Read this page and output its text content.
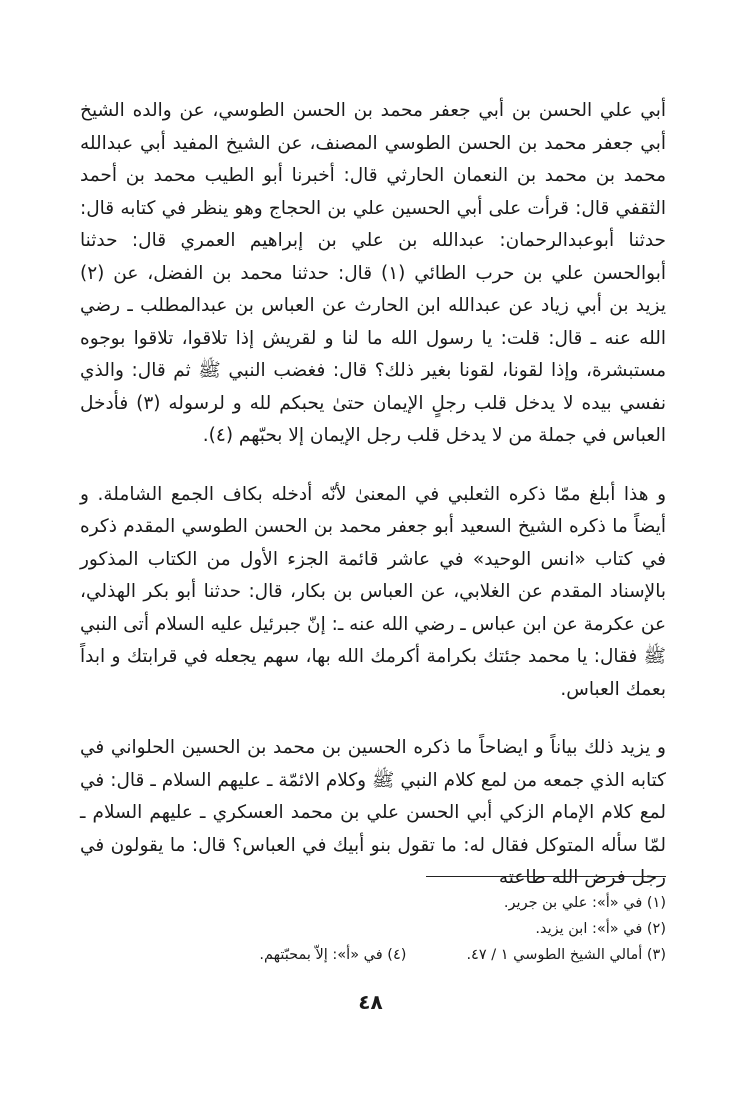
أبي علي الحسن بن أبي جعفر محمد بن الحسن الطوسي، عن والده الشيخ أبي جعفر محمد بن الحسن الطوسي المصنف، عن الشيخ المفيد أبي عبدالله محمد بن محمد بن النعمان الحارثي قال: أخبرنا أبو الطيب محمد بن أحمد الثقفي قال: قرأت على أبي الحسين علي بن الحجاج وهو ينظر في كتابه قال: حدثنا أبوعبدالرحمان: عبدالله بن علي بن إبراهيم العمري قال: حدثنا أبوالحسن علي بن حرب الطائي (١) قال: حدثنا محمد بن الفضل، عن (٢) يزيد بن أبي زياد عن عبدالله ابن الحارث عن العباس بن عبدالمطلب ـ رضي الله عنه ـ قال: قلت: يا رسول الله ما لنا و لقريش إذا تلاقوا، تلاقوا بوجوه مستبشرة، وإذا لقونا، لقونا بغير ذلك؟ قال: فغضب النبي ﷺ ثم قال: والذي نفسي بيده لا يدخل قلب رجلٍ الإيمان حتىٰ يحبكم لله و لرسوله (٣) فأدخل العباس في جملة من لا يدخل قلب رجل الإيمان إلا بحبّهم (٤).

و هذا أبلغ ممّا ذكره الثعلبي في المعنىٰ لأنّه أدخله بكاف الجمع الشاملة. و أيضاً ما ذكره الشيخ السعيد أبو جعفر محمد بن الحسن الطوسي المقدم ذكره في كتاب «انس الوحيد» في عاشر قائمة الجزء الأول من الكتاب المذكور بالإسناد المقدم عن الغلابي، عن العباس بن بكار، قال: حدثنا أبو بكر الهذلي، عن عكرمة عن ابن عباس ـ رضي الله عنه ـ: إنّ جبرئيل عليه السلام أتى النبي ﷺ فقال: يا محمد جئتك بكرامة أكرمك الله بها، سهم يجعله في قرابتك و ابداً بعمك العباس.

و يزيد ذلك بياناً و ايضاحاً ما ذكره الحسين بن محمد بن الحسين الحلواني في كتابه الذي جمعه من لمع كلام النبي ﷺ وكلام الائمّة ـ عليهم السلام ـ قال: في لمع كلام الإمام الزكي أبي الحسن علي بن محمد العسكري ـ عليهم السلام ـ لمّا سأله المتوكل فقال له: ما تقول بنو أبيك في العباس؟ قال: ما يقولون في رجل فرض الله طاعته

(١) في «أ»: علي بن جرير.
(٢) في «أ»: ابن يزيد.
(٣) أمالي الشيخ الطوسي ١ / ٤٧.
(٤) في «أ»: إلاّ بمحبّتهم.
٤٨
